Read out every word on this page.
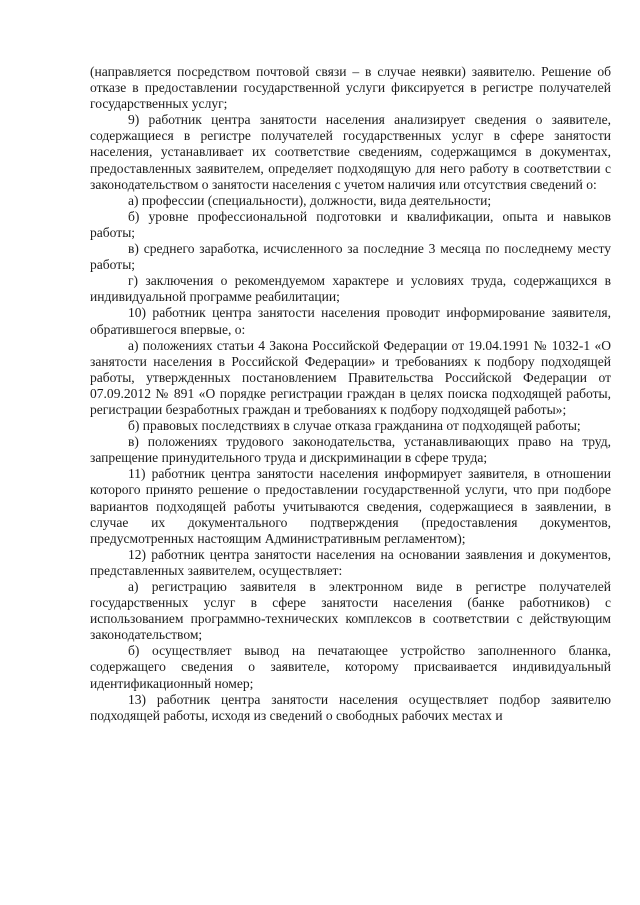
(направляется посредством почтовой связи – в случае неявки) заявителю. Решение об отказе в предоставлении государственной услуги фиксируется в регистре получателей государственных услуг;

9) работник центра занятости населения анализирует сведения о заявителе, содержащиеся в регистре получателей государственных услуг в сфере занятости населения, устанавливает их соответствие сведениям, содержащимся в документах, предоставленных заявителем, определяет подходящую для него работу в соответствии с законодательством о занятости населения с учетом наличия или отсутствия сведений о:

а) профессии (специальности), должности, вида деятельности;

б) уровне профессиональной подготовки и квалификации, опыта и навыков работы;

в) среднего заработка, исчисленного за последние 3 месяца по последнему месту работы;

г) заключения о рекомендуемом характере и условиях труда, содержащихся в индивидуальной программе реабилитации;

10) работник центра занятости населения проводит информирование заявителя, обратившегося впервые, о:

а) положениях статьи 4 Закона Российской Федерации от 19.04.1991 № 1032-1 «О занятости населения в Российской Федерации» и требованиях к подбору подходящей работы, утвержденных постановлением Правительства Российской Федерации от 07.09.2012 № 891 «О порядке регистрации граждан в целях поиска подходящей работы, регистрации безработных граждан и требованиях к подбору подходящей работы»;

б) правовых последствиях в случае отказа гражданина от подходящей работы;

в) положениях трудового законодательства, устанавливающих право на труд, запрещение принудительного труда и дискриминации в сфере труда;

11) работник центра занятости населения информирует заявителя, в отношении которого принято решение о предоставлении государственной услуги, что при подборе вариантов подходящей работы учитываются сведения, содержащиеся в заявлении, в случае их документального подтверждения (предоставления документов, предусмотренных настоящим Административным регламентом);

12) работник центра занятости населения на основании заявления и документов, представленных заявителем, осуществляет:

а) регистрацию заявителя в электронном виде в регистре получателей государственных услуг в сфере занятости населения (банке работников) с использованием программно-технических комплексов в соответствии с действующим законодательством;

б) осуществляет вывод на печатающее устройство заполненного бланка, содержащего сведения о заявителе, которому присваивается индивидуальный идентификационный номер;

13) работник центра занятости населения осуществляет подбор заявителю подходящей работы, исходя из сведений о свободных рабочих местах и
